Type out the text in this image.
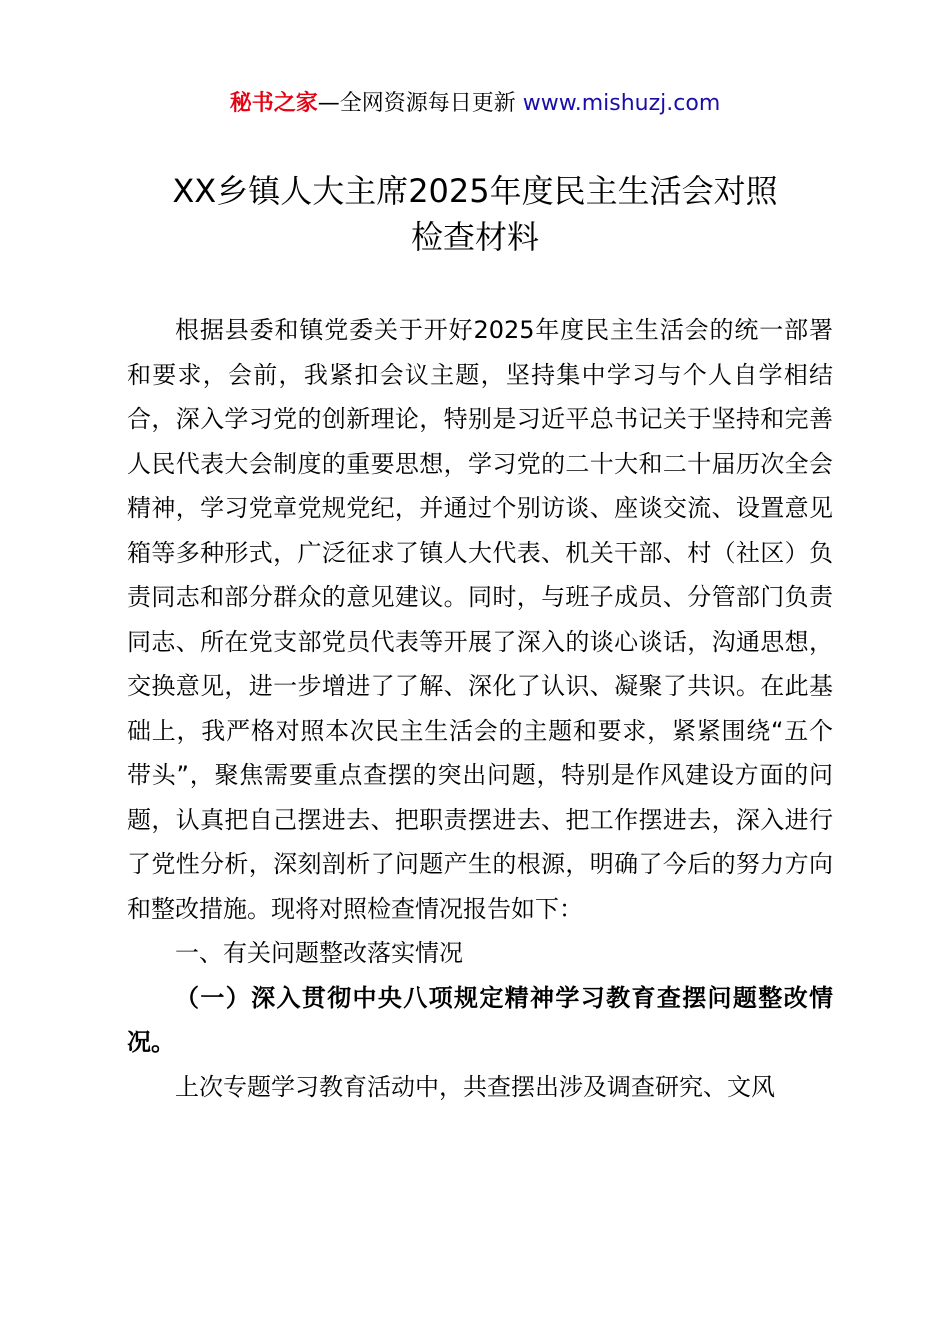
秘书之家—全网资源每日更新 www.mishuzj.com
XX乡镇人大主席2025年度民主生活会对照
检查材料

根据县委和镇党委关于开好2025年度民主生活会的统一部署和要求，会前，我紧扣会议主题，坚持集中学习与个人自学相结合，深入学习党的创新理论，特别是习近平总书记关于坚持和完善人民代表大会制度的重要思想，学习党的二十大和二十届历次全会精神，学习党章党规党纪，并通过个别访谈、座谈交流、设置意见箱等多种形式，广泛征求了镇人大代表、机关干部、村（社区）负责同志和部分群众的意见建议。同时，与班子成员、分管部门负责同志、所在党支部党员代表等开展了深入的谈心谈话，沟通思想，交换意见，进一步增进了了解、深化了认识、凝聚了共识。在此基础上，我严格对照本次民主生活会的主题和要求，紧紧围绕“五个带头”，聚焦需要重点查摆的突出问题，特别是作风建设方面的问题，认真把自己摆进去、把职责摆进去、把工作摆进去，深入进行了党性分析，深刻剖析了问题产生的根源，明确了今后的努力方向和整改措施。现将对照检查情况报告如下：

一、有关问题整改落实情况

（一）深入贯彻中央八项规定精神学习教育查摆问题整改情况。

上次专题学习教育活动中，共查摆出涉及调查研究、文风
